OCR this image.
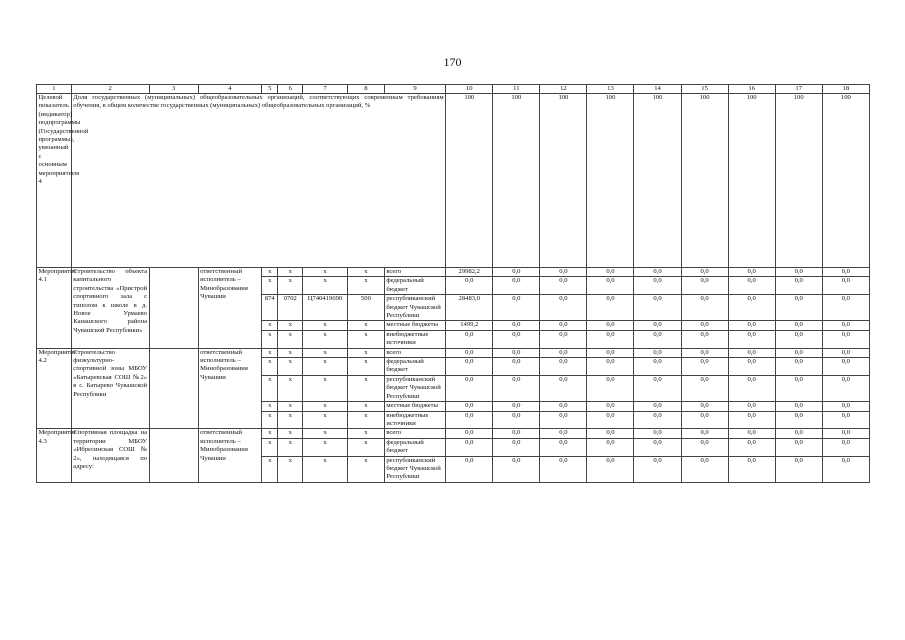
170
1	2	3	4	5	6	7	8	9	10	11	12	13	14	15	16	17	18
Целевой показатель (индикатор) подпрограммы (Государственной программы), увязанный с основным мероприятием 4	Доля государственных (муниципальных) общеобразовательных организаций, соответствующих современным требованиям обучения, в общем количестве государственных (муниципальных) общеобразовательных организаций, %								100	100	100	100	100	100	100	100	100
Мероприятие 4.1	Строительство объекта капитального строительства «Пристрой спортивного зала с типолом к школе в д. Новое Урмаево Канашского района Чувашской Республики»		ответственный исполнитель – Минобразования Чувашии	x	x	x	x	всего	29982,2	0,0	0,0	0,0	0,0	0,0	0,0	0,0	0,0
				x	x	x	x	федеральный бюджет	0,0	0,0	0,0	0,0	0,0	0,0	0,0	0,0	0,0
				874	0702	Ц740419690	500	республиканский бюджет Чувашской Республики	28483,0	0,0	0,0	0,0	0,0	0,0	0,0	0,0	0,0
				x	x	x	x	местные бюджеты	1499,2	0,0	0,0	0,0	0,0	0,0	0,0	0,0	0,0
				x	x	x	x	внебюджетные источники	0,0	0,0	0,0	0,0	0,0	0,0	0,0	0,0	0,0
Мероприятие 4.2	Строительство физкультурно-спортивной зоны МБОУ «Батыревская СОШ №2» в с. Батырево Чувашской Республики		ответственный исполнитель – Минобразования Чувашии	x	x	x	x	всего	0,0	0,0	0,0	0,0	0,0	0,0	0,0	0,0	0,0
				x	x	x	x	федеральный бюджет	0,0	0,0	0,0	0,0	0,0	0,0	0,0	0,0	0,0
				x	x	x	x	республиканский бюджет Чувашской Республики	0,0	0,0	0,0	0,0	0,0	0,0	0,0	0,0	0,0
				x	x	x	x	местные бюджеты	0,0	0,0	0,0	0,0	0,0	0,0	0,0	0,0	0,0
				x	x	x	x	внебюджетные источники	0,0	0,0	0,0	0,0	0,0	0,0	0,0	0,0	0,0
Мероприятие 4.3	Спортивная площадка на территории МБОУ «Ибресинская СОШ № 2», находящаяся по адресу:		ответственный исполнитель – Минобразования Чувашии	x	x	x	x	всего	0,0	0,0	0,0	0,0	0,0	0,0	0,0	0,0	0,0
				x	x	x	x	федеральный бюджет	0,0	0,0	0,0	0,0	0,0	0,0	0,0	0,0	0,0
				x	x	x	x	республиканский бюджет Чувашской Республики	0,0	0,0	0,0	0,0	0,0	0,0	0,0	0,0	0,0
